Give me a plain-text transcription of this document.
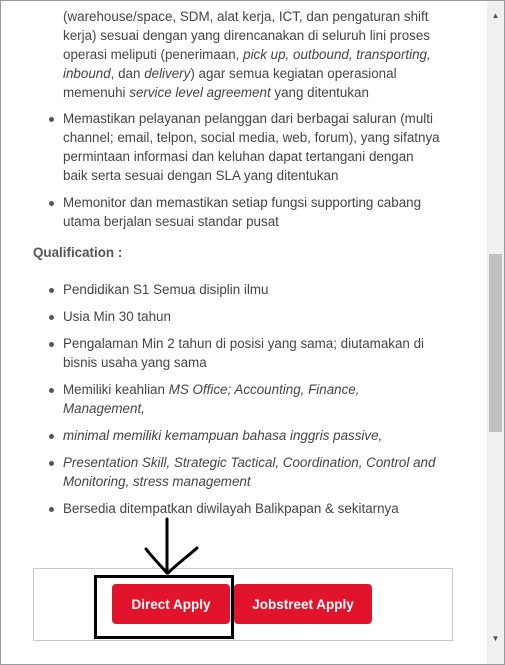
(warehouse/space, SDM, alat kerja, ICT, dan pengaturan shift
kerja) sesuai dengan yang direncanakan di seluruh lini proses
operasi meliputi (penerimaan, pick up, outbound, transporting,
inbound, dan delivery) agar semua kegiatan operasional
memenuhi service level agreement yang ditentukan
Memastikan pelayanan pelanggan dari berbagai saluran (multi
channel; email, telpon, social media, web, forum), yang sifatnya
permintaan informasi dan keluhan dapat tertangani dengan
baik serta sesuai dengan SLA yang ditentukan
Memonitor dan memastikan setiap fungsi supporting cabang
utama berjalan sesuai standar pusat
Qualification :
Pendidikan S1 Semua disiplin ilmu
Usia Min 30 tahun
Pengalaman Min 2 tahun di posisi yang sama; diutamakan di
bisnis usaha yang sama
Memiliki keahlian MS Office; Accounting, Finance,
Management,
minimal memiliki kemampuan bahasa inggris passive,
Presentation Skill, Strategic Tactical, Coordination, Control and
Monitoring, stress management
Bersedia ditempatkan diwilayah Balikpapan & sekitarnya
Direct Apply	Jobstreet Apply
▲
▼
